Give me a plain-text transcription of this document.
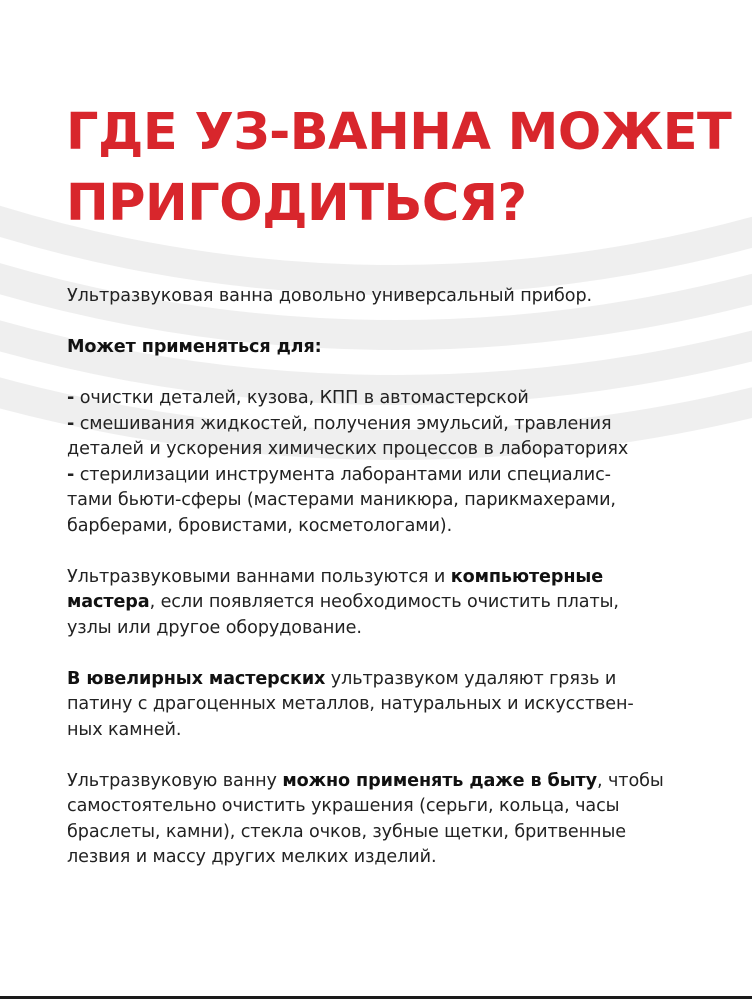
ГДЕ УЗ-ВАННА МОЖЕТ
ПРИГОДИТЬСЯ?

Ультразвуковая ванна довольно универсальный прибор.

Может применяться для:

- очистки деталей, кузова, КПП в автомастерской
- смешивания жидкостей, получения эмульсий, травления
деталей и ускорения химических процессов в лабораториях
- стерилизации инструмента лаборантами или специалис-
тами бьюти-сферы (мастерами маникюра, парикмахерами,
барберами, бровистами, косметологами).
Ультразвуковыми ваннами пользуются и компьютерные
мастера, если появляется необходимость очистить платы,
узлы или другое оборудование.
В ювелирных мастерских ультразвуком удаляют грязь и
патину с драгоценных металлов, натуральных и искусствен-
ных камней.
Ультразвуковую ванну можно применять даже в быту, чтобы
самостоятельно очистить украшения (серьги, кольца, часы
браслеты, камни), стекла очков, зубные щетки, бритвенные
лезвия и массу других мелких изделий.
